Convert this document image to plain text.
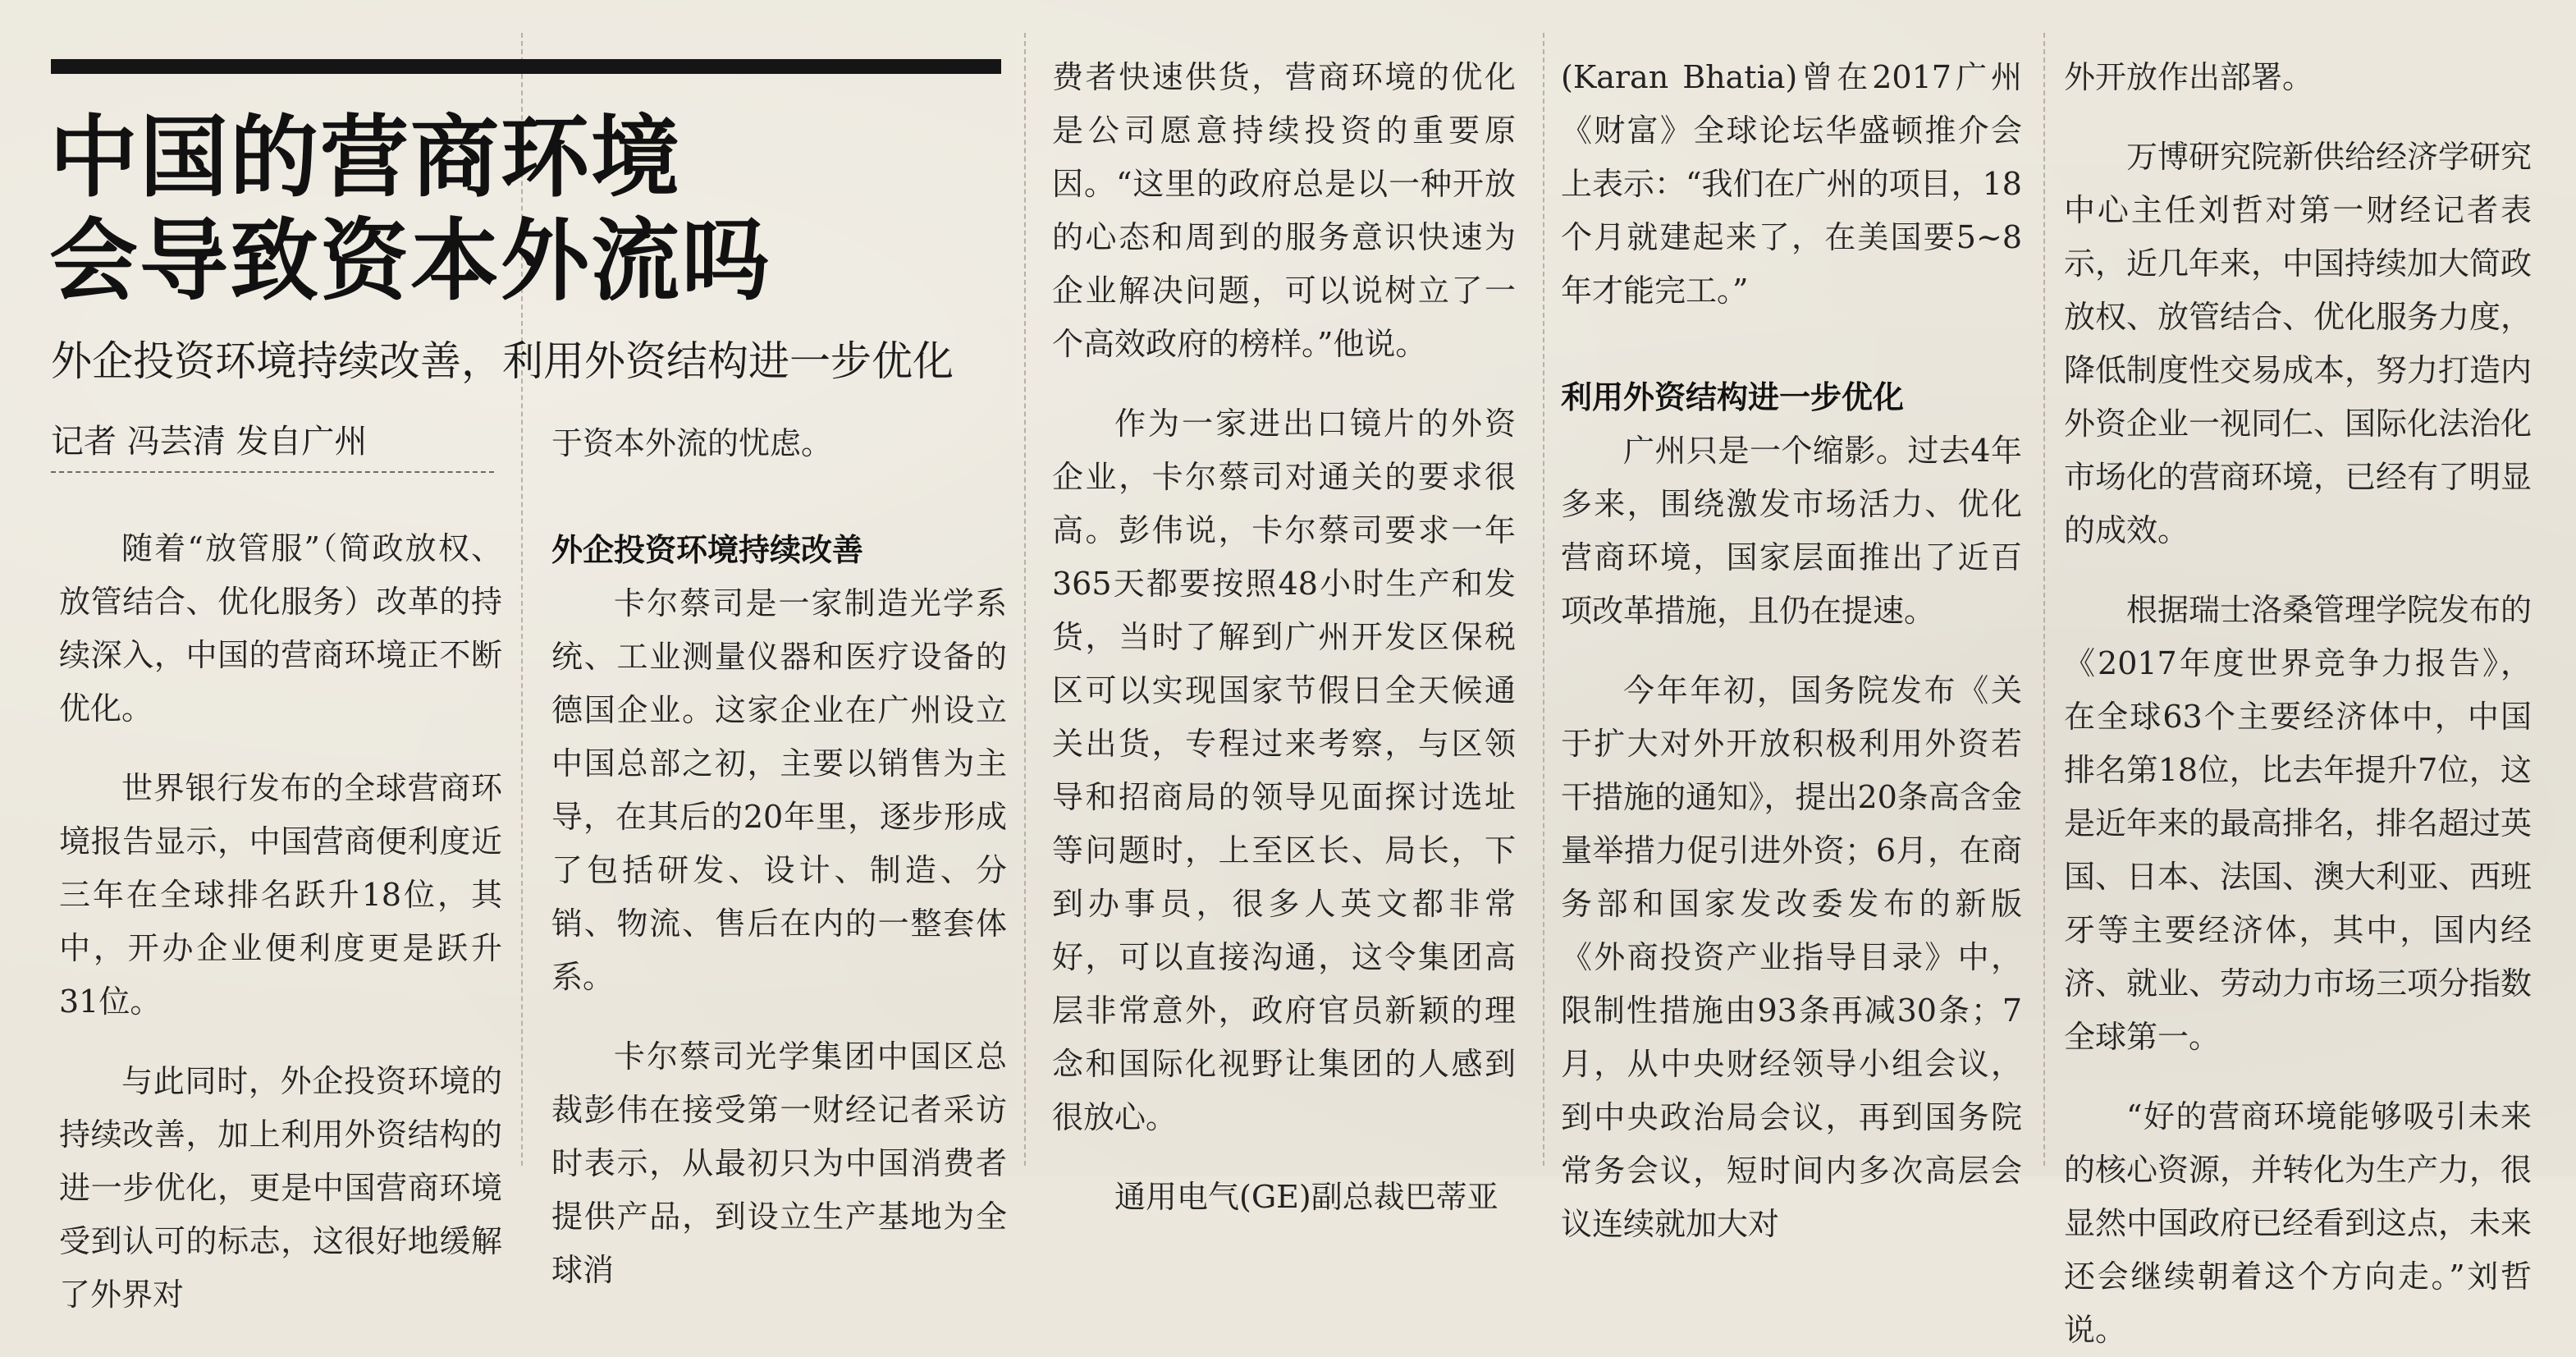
中国的营商环境
会导致资本外流吗
外企投资环境持续改善，利用外资结构进一步优化
记者 冯芸清 发自广州

随着“放管服”（简政放权、放管结合、优化服务）改革的持续深入，中国的营商环境正不断优化。

世界银行发布的全球营商环境报告显示，中国营商便利度近三年在全球排名跃升18位，其中，开办企业便利度更是跃升31位。

与此同时，外企投资环境的持续改善，加上利用外资结构的进一步优化，更是中国营商环境受到认可的标志，这很好地缓解了外界对

于资本外流的忧虑。

外企投资环境持续改善

卡尔蔡司是一家制造光学系统、工业测量仪器和医疗设备的德国企业。这家企业在广州设立中国总部之初，主要以销售为主导，在其后的20年里，逐步形成了包括研发、设计、制造、分销、物流、售后在内的一整套体系。

卡尔蔡司光学集团中国区总裁彭伟在接受第一财经记者采访时表示，从最初只为中国消费者提供产品，到设立生产基地为全球消

费者快速供货，营商环境的优化是公司愿意持续投资的重要原因。“这里的政府总是以一种开放的心态和周到的服务意识快速为企业解决问题，可以说树立了一个高效政府的榜样。”他说。

作为一家进出口镜片的外资企业，卡尔蔡司对通关的要求很高。彭伟说，卡尔蔡司要求一年365天都要按照48小时生产和发货，当时了解到广州开发区保税区可以实现国家节假日全天候通关出货，专程过来考察，与区领导和招商局的领导见面探讨选址等问题时，上至区长、局长，下到办事员，很多人英文都非常好，可以直接沟通，这令集团高层非常意外，政府官员新颖的理念和国际化视野让集团的人感到很放心。

通用电气(GE)副总裁巴蒂亚

(Karan Bhatia)曾在2017广州《财富》全球论坛华盛顿推介会上表示：“我们在广州的项目，18个月就建起来了，在美国要5~8年才能完工。”

利用外资结构进一步优化

广州只是一个缩影。过去4年多来，围绕激发市场活力、优化营商环境，国家层面推出了近百项改革措施，且仍在提速。

今年年初，国务院发布《关于扩大对外开放积极利用外资若干措施的通知》，提出20条高含金量举措力促引进外资；6月，在商务部和国家发改委发布的新版《外商投资产业指导目录》中，限制性措施由93条再减30条；7月，从中央财经领导小组会议，到中央政治局会议，再到国务院常务会议，短时间内多次高层会议连续就加大对

外开放作出部署。

万博研究院新供给经济学研究中心主任刘哲对第一财经记者表示，近几年来，中国持续加大简政放权、放管结合、优化服务力度，降低制度性交易成本，努力打造内外资企业一视同仁、国际化法治化市场化的营商环境，已经有了明显的成效。

根据瑞士洛桑管理学院发布的《2017年度世界竞争力报告》，在全球63个主要经济体中，中国排名第18位，比去年提升7位，这是近年来的最高排名，排名超过英国、日本、法国、澳大利亚、西班牙等主要经济体，其中，国内经济、就业、劳动力市场三项分指数全球第一。

“好的营商环境能够吸引未来的核心资源，并转化为生产力，很显然中国政府已经看到这点，未来还会继续朝着这个方向走。”刘哲说。
